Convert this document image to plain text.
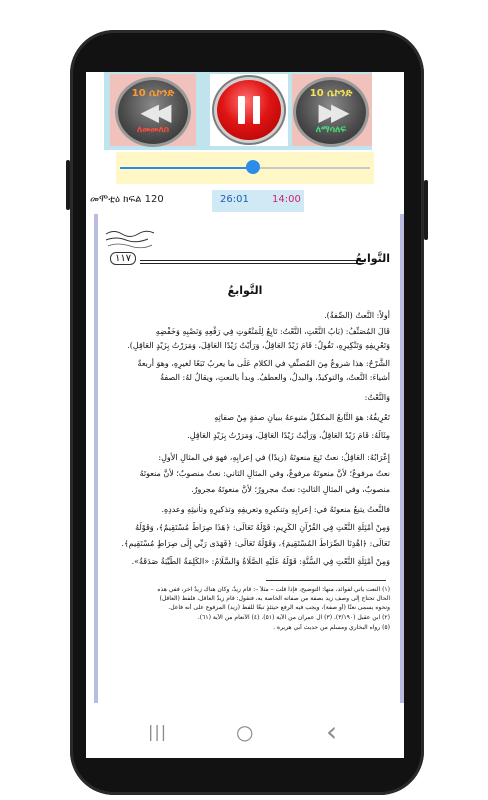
10 ሴኮንድ
◀◀
ለመመለስ
10 ሴኮንድ
▶▶
ለማሳለፍ
መሞቲዕ ክፍል 120	26:01 14:00
التَّوابعُ
١١٧
التَّوابعُ
أولاً: النَّعتُ (الصِّفةُ).
قَالَ المُصَنِّفُ: (بَابُ النَّعْتِ، النَّعْتُ: تَابِعٌ لِلْمَنْعُوتِ فِي رَفْعِهِ وَنَصْبِهِ وَخَفْضِهِ
وَتَعْرِيفِهِ وَتَنْكِيرِهِ، تَقُولُ: قَامَ زَيْدٌ العَاقِلُ، وَرَأَيْتُ زَيْدًا العَاقِلَ، وَمَرَرْتُ بِزَيْدٍ العَاقِلِ).
الشَّرْحُ: هذا شروعٌ مِنَ المُصنِّفِ في الكلامِ عَلَى ما يعربُ تَبَعًا لغيرِهِ، وهوَ أربعةٌ
أشياءَ: النَّعتُ، والتوكيدُ، والبدلُ، والعطفُ. وبدأَ بالنعتِ، ويقالُ لهُ: الصفةُ
وَالنَّعْتُ:
تَعْرِيفُهُ: هوَ التَّابعُ المكمِّلُ متبوعهُ ببيانِ صفةٍ مِنْ صفاتِهِ
مِثَالُهُ: قَامَ زَيْدٌ العَاقِلُ، وَرَأَيْتُ زَيْدًا العَاقِلَ، وَمَرَرْتُ بِزَيْدٍ العَاقِلِ.
إِعْرَابُهُ: العَاقِلُ: نعتٌ تَبِعَ منعوتَهُ (زيدًا) في إعرابِهِ، فهوَ في المثالِ الأولِ:
نعتٌ مرفوعٌ؛ لأنَّ منعوتَهُ مرفوعٌ، وفي المثالِ الثاني: نعتٌ منصوبٌ؛ لأنَّ منعوتَهُ
منصوبٌ، وفي المثالِ الثالثِ: نعتٌ مجرورٌ؛ لأنَّ منعوتَهُ مجرورٌ.
فالنَّعتُ يتبعُ منعوتَهُ في: إعرابِهِ وتنكيرِهِ وتعريفِهِ وتذكيرِهِ وتأنيثِهِ وعددِهِ.
وَمِنْ أَمْثِلَةِ النَّعْتِ فِي القُرْآنِ الكَرِيمِ: قَوْلُهُ تَعَالَى: ﴿هَذَا صِرَاطٌ مُسْتَقِيمٌ﴾، وَقَوْلُهُ
تَعَالَى: ﴿اهْدِنَا الصِّرَاطَ المُسْتَقِيمَ﴾، وَقَوْلُهُ تَعَالَى: ﴿فَهَدَى رَبِّي إِلَى صِرَاطٍ مُسْتَقِيمٍ﴾.
وَمِنْ أَمْثِلَةِ النَّعْتِ فِي السُّنَّةِ: قَوْلُهُ عَلَيْهِ الصَّلَاةُ وَالسَّلَامُ: «الكَلِمَةُ الطَّيِّبَةُ صَدَقَةٌ».
(١) النعت يأتي لفوائد، منها: التوضيح، فإذا قلت – مثلاً –: قام زيدٌ، وكان هناك زيدٌ آخر، ففي هذه
الحال تحتاج إلى وصف زيد بصفة من صفاته الخاصة به، فتقول: قام زيدٌ العاقل، فلفظ (العاقل)
وتحوه يسمى نعتًا (أو صفة)، ويجب فيه الرفع حيثئذٍ تبعًا للفظ (زيد) المرفوع على أنه فاعل.
(٢) ابن عقيل (٣/١٩٠). (٣) آل عمران من الآية (٥١). (٤) الأنعام من الآية (٦١).
(٥) رواه البخاري ومسلم من حديث أبي هريرة .
|||	○	‹
